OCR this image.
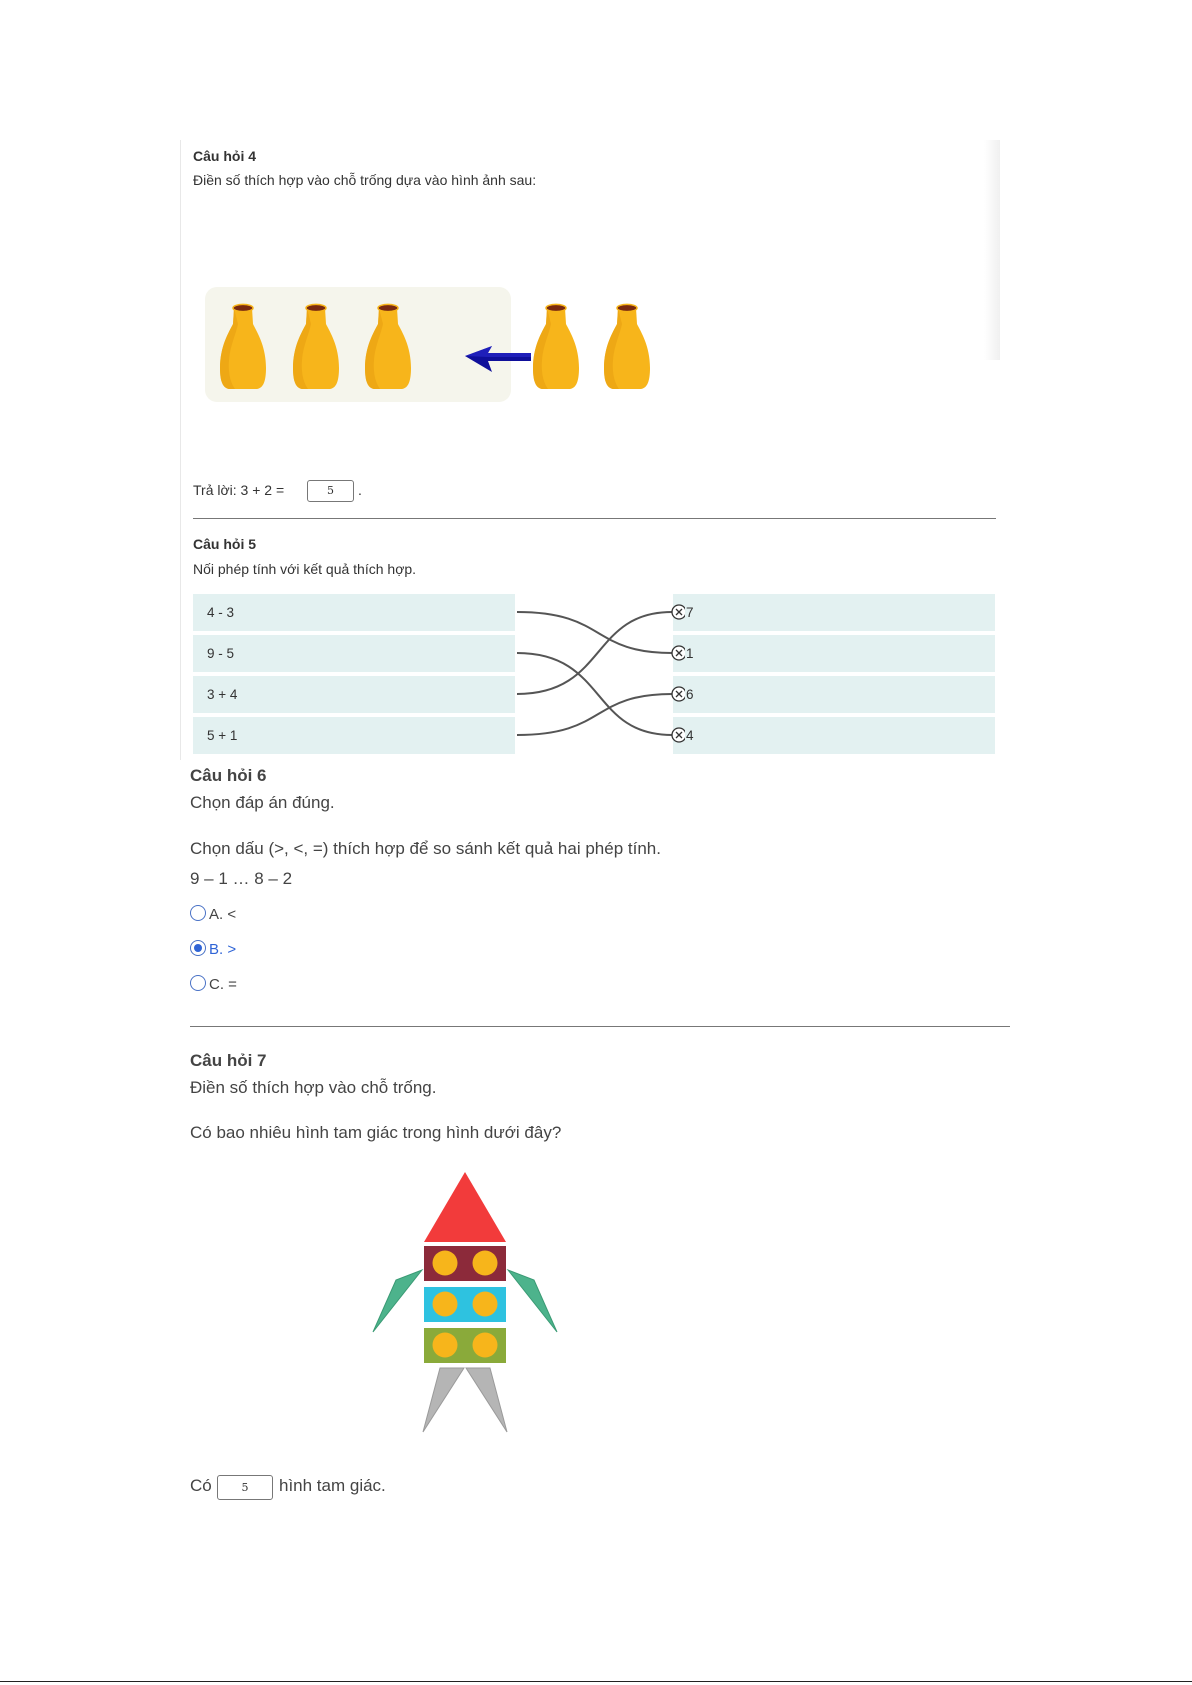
Câu hỏi 4
Điền số thích hợp vào chỗ trống dựa vào hình ảnh sau:
Trả lời: 3 + 2 =	5	.
Câu hỏi 5
Nối phép tính với kết quả thích hợp.
4 - 3
9 - 5
3 + 4
5 + 1
7
1
6
4
Câu hỏi 6
Chọn đáp án đúng.
Chọn dấu (>, <, =) thích hợp để so sánh kết quả hai phép tính.
9 – 1 … 8 – 2
A. <
B. >
C. =
Câu hỏi 7
Điền số thích hợp vào chỗ trống.
Có bao nhiêu hình tam giác trong hình dưới đây?
Có	5	hình tam giác.
